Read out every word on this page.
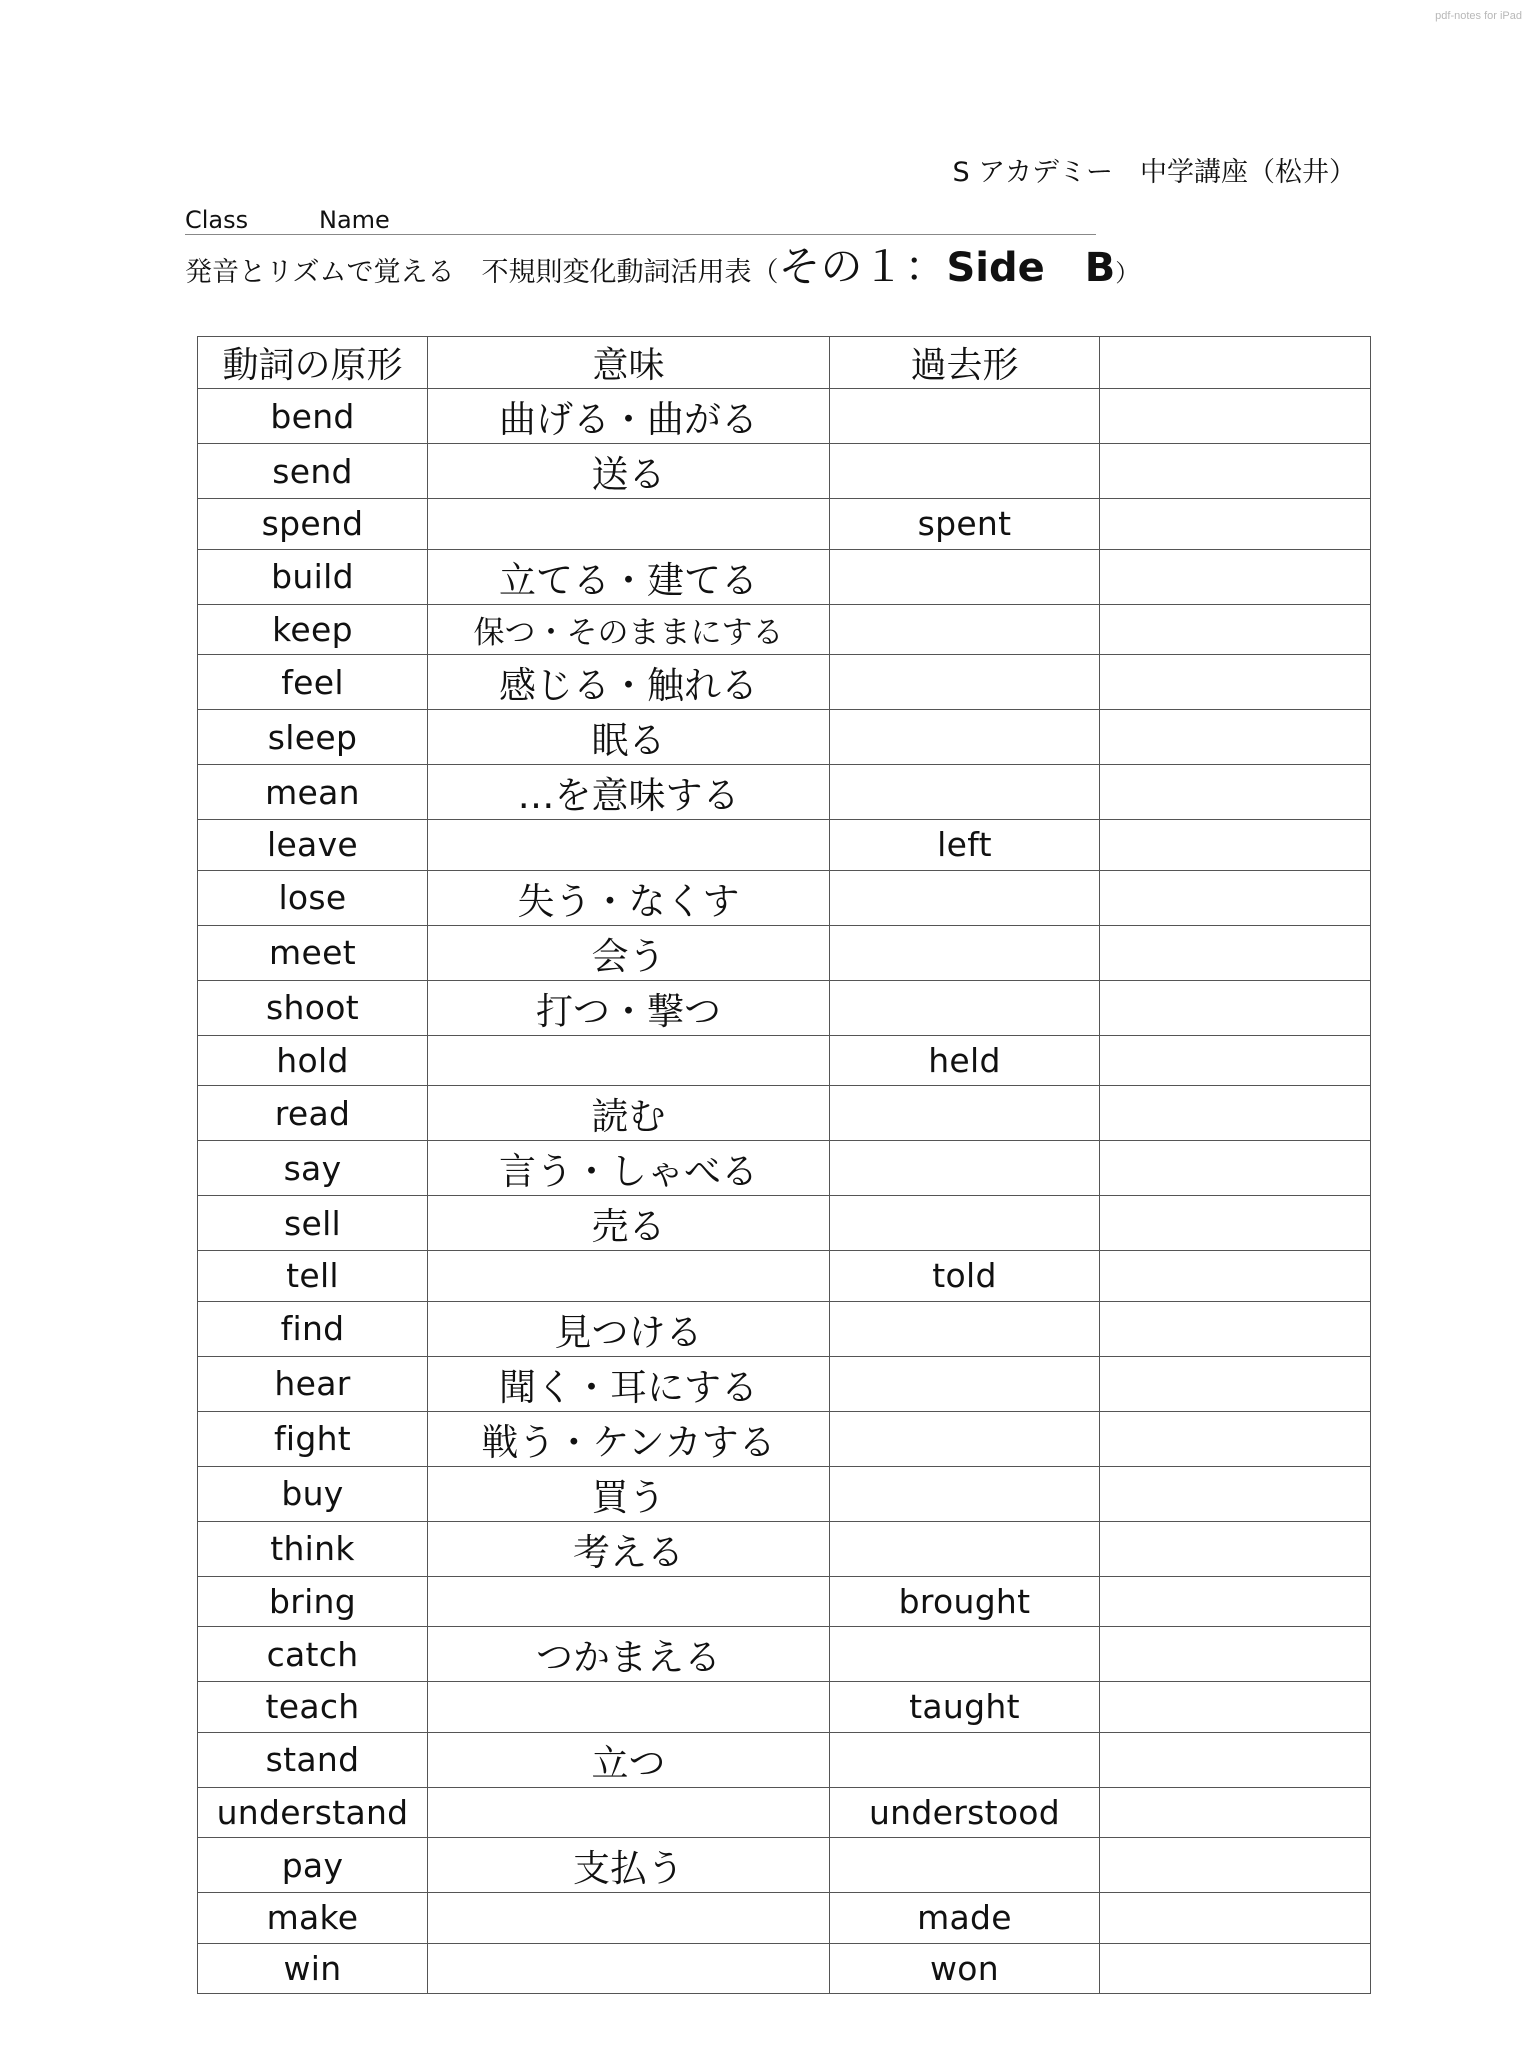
pdf-notes for iPad
S アカデミー　中学講座（松井）
Class	Name
発音とリズムで覚える　不規則変化動詞活用表（その１：Side　B）
動詞の原形	意味	過去形	
bend	曲げる・曲がる		
send	送る		
spend		spent	
build	立てる・建てる		
keep	保つ・そのままにする		
feel	感じる・触れる		
sleep	眠る		
mean	…を意味する		
leave		left	
lose	失う・なくす		
meet	会う		
shoot	打つ・撃つ		
hold		held	
read	読む		
say	言う・しゃべる		
sell	売る		
tell		told	
find	見つける		
hear	聞く・耳にする		
fight	戦う・ケンカする		
buy	買う		
think	考える		
bring		brought	
catch	つかまえる		
teach		taught	
stand	立つ		
understand		understood	
pay	支払う		
make		made	
win		won	
